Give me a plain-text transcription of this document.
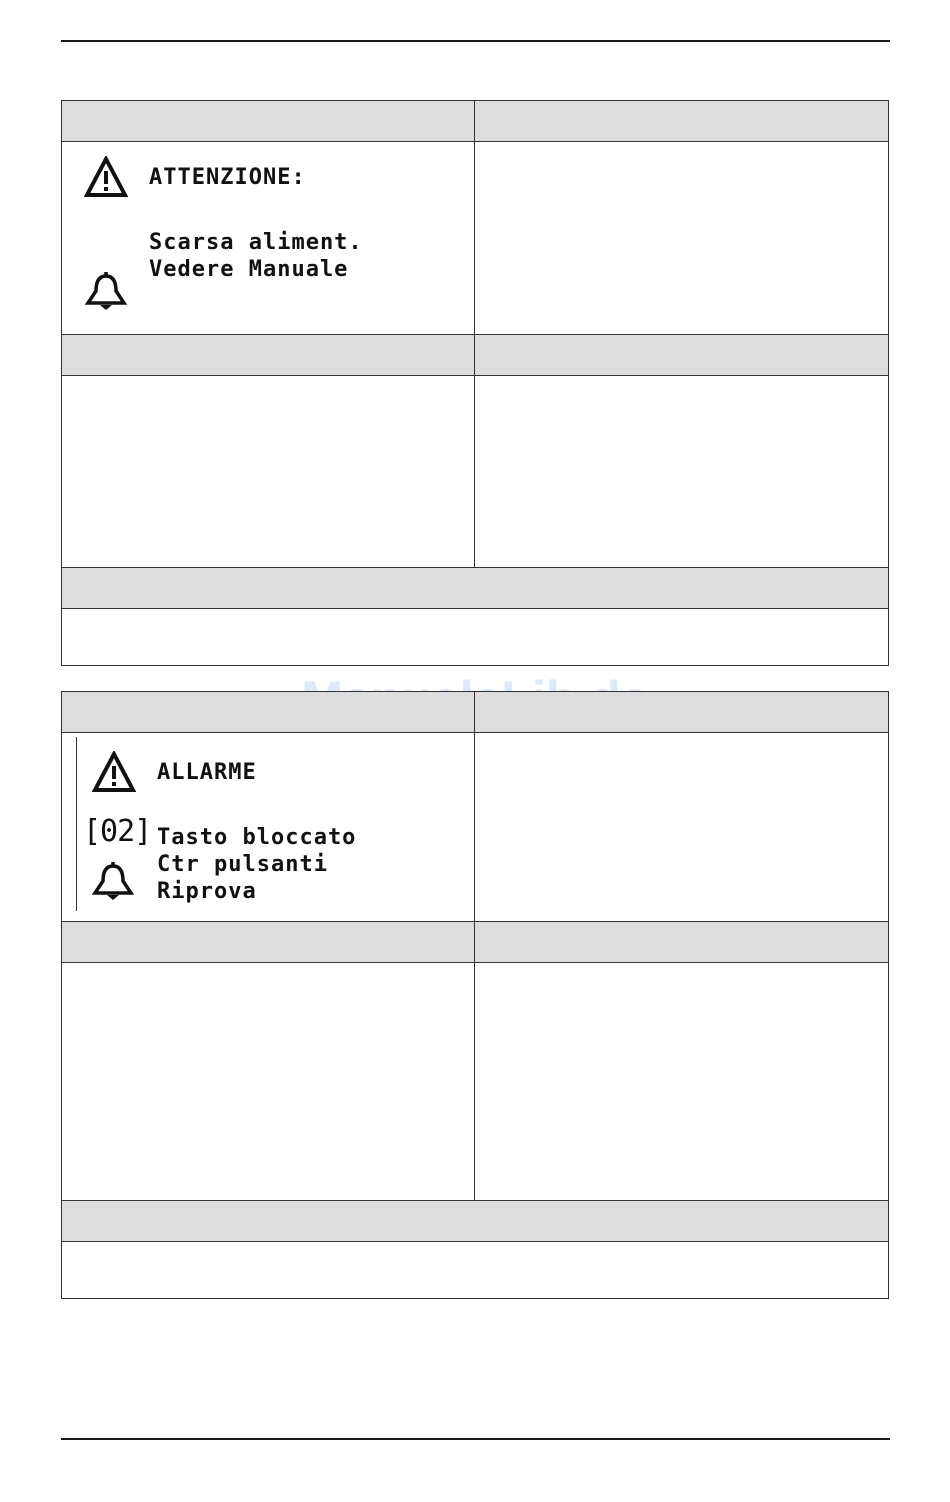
ATTENZIONE:
Scarsa aliment.
Vedere Manuale
ALLARME
[02] Tasto bloccato
Ctr pulsanti
Riprova
